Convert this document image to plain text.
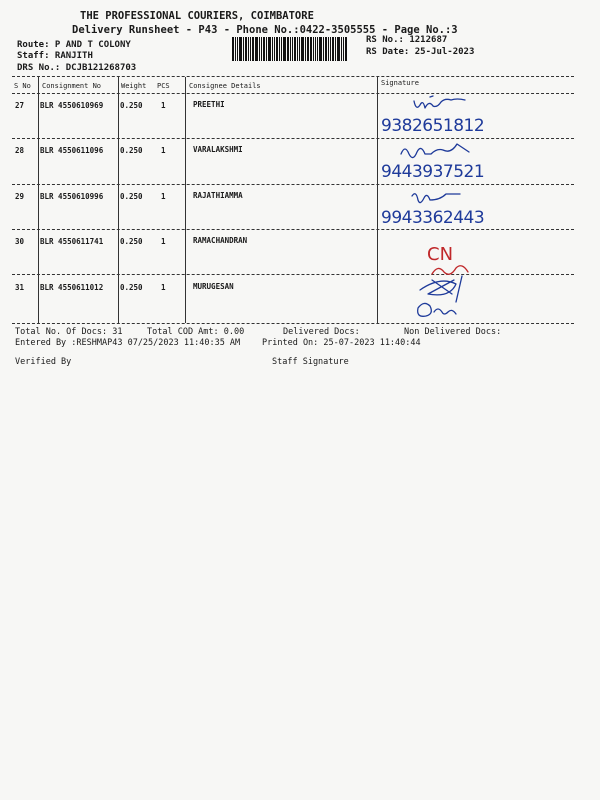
THE PROFESSIONAL COURIERS, COIMBATORE
Delivery Runsheet - P43 - Phone No.:0422-3505555 - Page No.:3
Route: P AND T COLONY
Staff: RANJITH
DRS No.: DCJB121268703
RS No.: 1212687
RS Date: 25-Jul-2023
S No Consignment No	Weight PCS	Consignee Details	Signature
27 BLR 4550610969 0.250 1	PREETHI
9382651812
28 BLR 4550611096 0.250 1	VARALAKSHMI
9443937521
29 BLR 4550610996 0.250 1	RAJATHIAMMA
9943362443
30 BLR 4550611741 0.250 1	RAMACHANDRAN
CN
31 BLR 4550611012 0.250 1	MURUGESAN
Total No. Of Docs: 31	Total COD Amt: 0.00	Delivered Docs:	Non Delivered Docs:
Entered By :RESHMAP43 07/25/2023 11:40:35 AM	Printed On: 25-07-2023 11:40:44
Verified By	Staff Signature
